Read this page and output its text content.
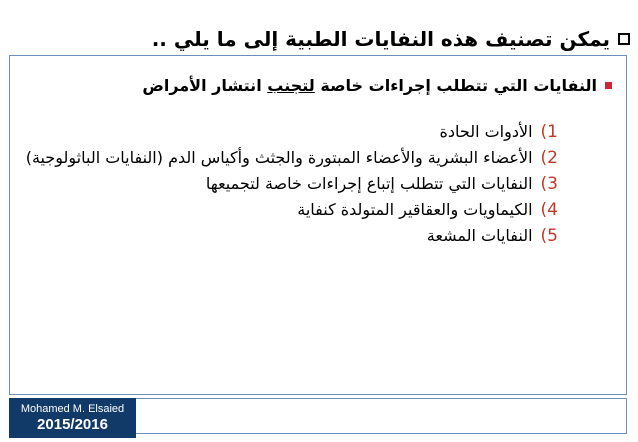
يمكن تصنيف هذه النفايات الطبية إلى ما يلي ..
النفايات التي تتطلب إجراءات خاصة لتجنب انتشار الأمراض
1)
الأدوات الحادة
2)
الأعضاء البشرية والأعضاء المبتورة والجثث وأكياس الدم (النفايات الباثولوجية)
3)
النفايات التي تتطلب إتباع إجراءات خاصة لتجميعها
4)
الكيماويات والعقاقير المتولدة كنفاية
5)
النفايات المشعة
Mohamed M. Elsaied
2015/2016
